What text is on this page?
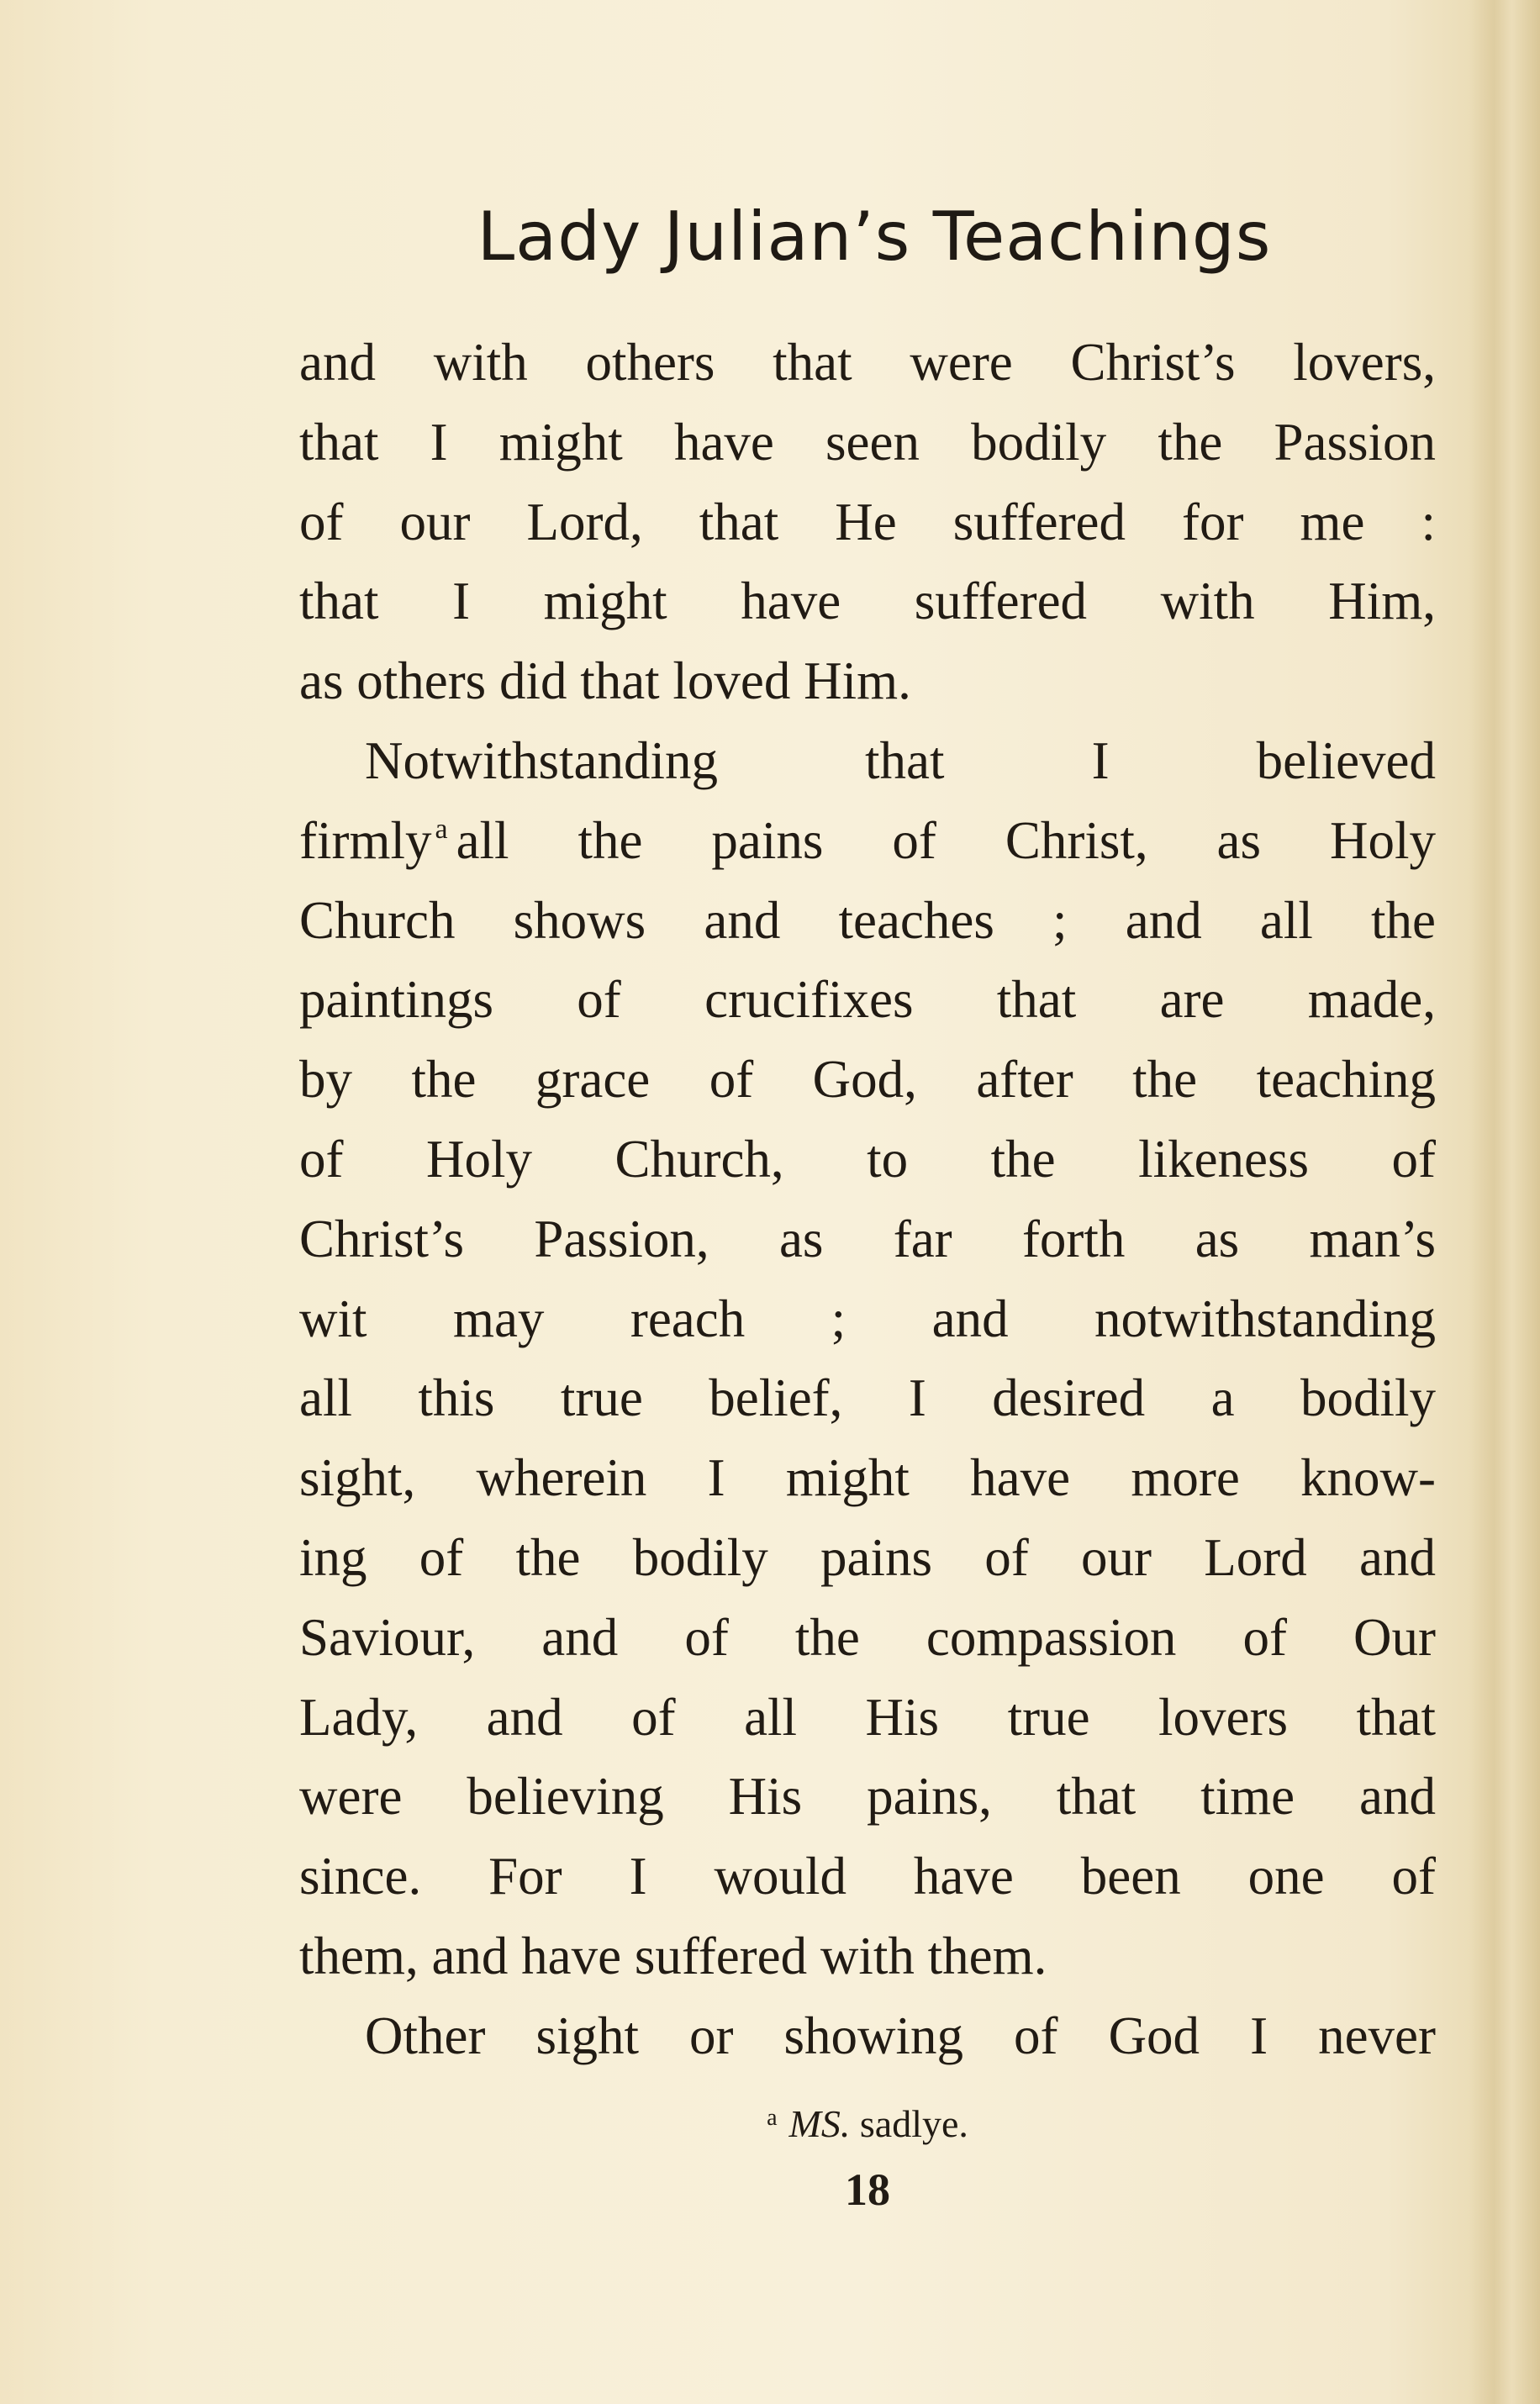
Lady Julian’s Teachings
and with others that were Christ’s lovers,
that I might have seen bodily the Passion
of our Lord, that He suffered for me :
that I might have suffered with Him,
as others did that loved Him.
Notwithstanding that I believed
firmly $^a$ all the pains of Christ, as Holy
Church shows and teaches ; and all the
paintings of crucifixes that are made,
by the grace of God, after the teaching
of Holy Church, to the likeness of
Christ’s Passion, as far forth as man’s
wit may reach ; and notwithstanding
all this true belief, I desired a bodily
sight, wherein I might have more know-
ing of the bodily pains of our Lord and
Saviour, and of the compassion of Our
Lady, and of all His true lovers that
were believing His pains, that time and
since. For I would have been one of
them, and have suffered with them.
Other sight or showing of God I never
$^a$ MS. sadlye.
18
